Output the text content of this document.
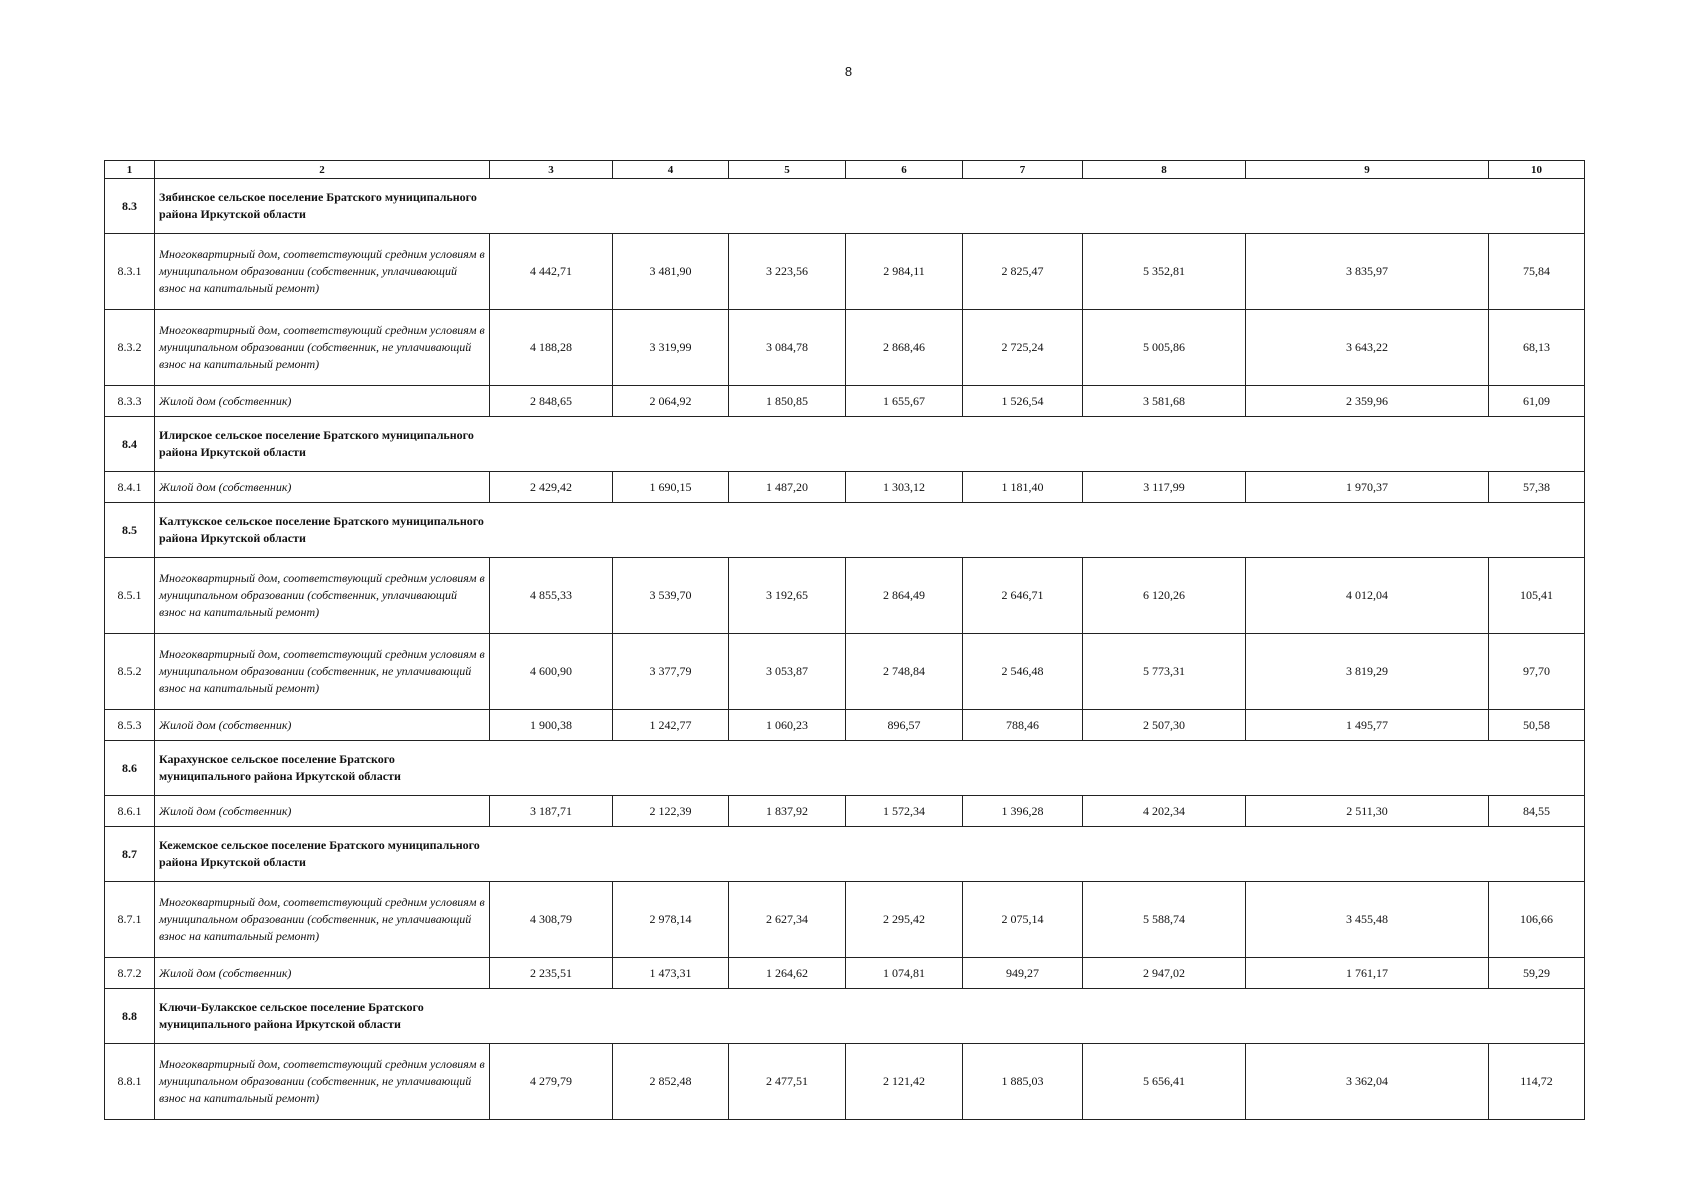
8
1	2	3	4	5	6	7	8	9	10
8.3	Зябинское сельское поселение Братского муниципального района Иркутской области								
8.3.1	Многоквартирный дом, соответствующий средним условиям в муниципальном образовании (собственник, уплачивающий взнос на капитальный ремонт)	4 442,71	3 481,90	3 223,56	2 984,11	2 825,47	5 352,81	3 835,97	75,84
8.3.2	Многоквартирный дом, соответствующий средним условиям в муниципальном образовании (собственник, не уплачивающий взнос на капитальный ремонт)	4 188,28	3 319,99	3 084,78	2 868,46	2 725,24	5 005,86	3 643,22	68,13
8.3.3	Жилой дом (собственник)	2 848,65	2 064,92	1 850,85	1 655,67	1 526,54	3 581,68	2 359,96	61,09
8.4	Илирское сельское поселение Братского муниципального района Иркутской области								
8.4.1	Жилой дом (собственник)	2 429,42	1 690,15	1 487,20	1 303,12	1 181,40	3 117,99	1 970,37	57,38
8.5	Калтукское сельское поселение Братского муниципального района Иркутской области								
8.5.1	Многоквартирный дом, соответствующий средним условиям в муниципальном образовании (собственник, уплачивающий взнос на капитальный ремонт)	4 855,33	3 539,70	3 192,65	2 864,49	2 646,71	6 120,26	4 012,04	105,41
8.5.2	Многоквартирный дом, соответствующий средним условиям в муниципальном образовании (собственник, не уплачивающий взнос на капитальный ремонт)	4 600,90	3 377,79	3 053,87	2 748,84	2 546,48	5 773,31	3 819,29	97,70
8.5.3	Жилой дом (собственник)	1 900,38	1 242,77	1 060,23	896,57	788,46	2 507,30	1 495,77	50,58
8.6	Карахунское сельское поселение Братского муниципального района Иркутской области								
8.6.1	Жилой дом (собственник)	3 187,71	2 122,39	1 837,92	1 572,34	1 396,28	4 202,34	2 511,30	84,55
8.7	Кежемское сельское поселение Братского муниципального района Иркутской области								
8.7.1	Многоквартирный дом, соответствующий средним условиям в муниципальном образовании (собственник, не уплачивающий взнос на капитальный ремонт)	4 308,79	2 978,14	2 627,34	2 295,42	2 075,14	5 588,74	3 455,48	106,66
8.7.2	Жилой дом (собственник)	2 235,51	1 473,31	1 264,62	1 074,81	949,27	2 947,02	1 761,17	59,29
8.8	Ключи-Булакское сельское поселение Братского муниципального района Иркутской области								
8.8.1	Многоквартирный дом, соответствующий средним условиям в муниципальном образовании (собственник, не уплачивающий взнос на капитальный ремонт)	4 279,79	2 852,48	2 477,51	2 121,42	1 885,03	5 656,41	3 362,04	114,72
